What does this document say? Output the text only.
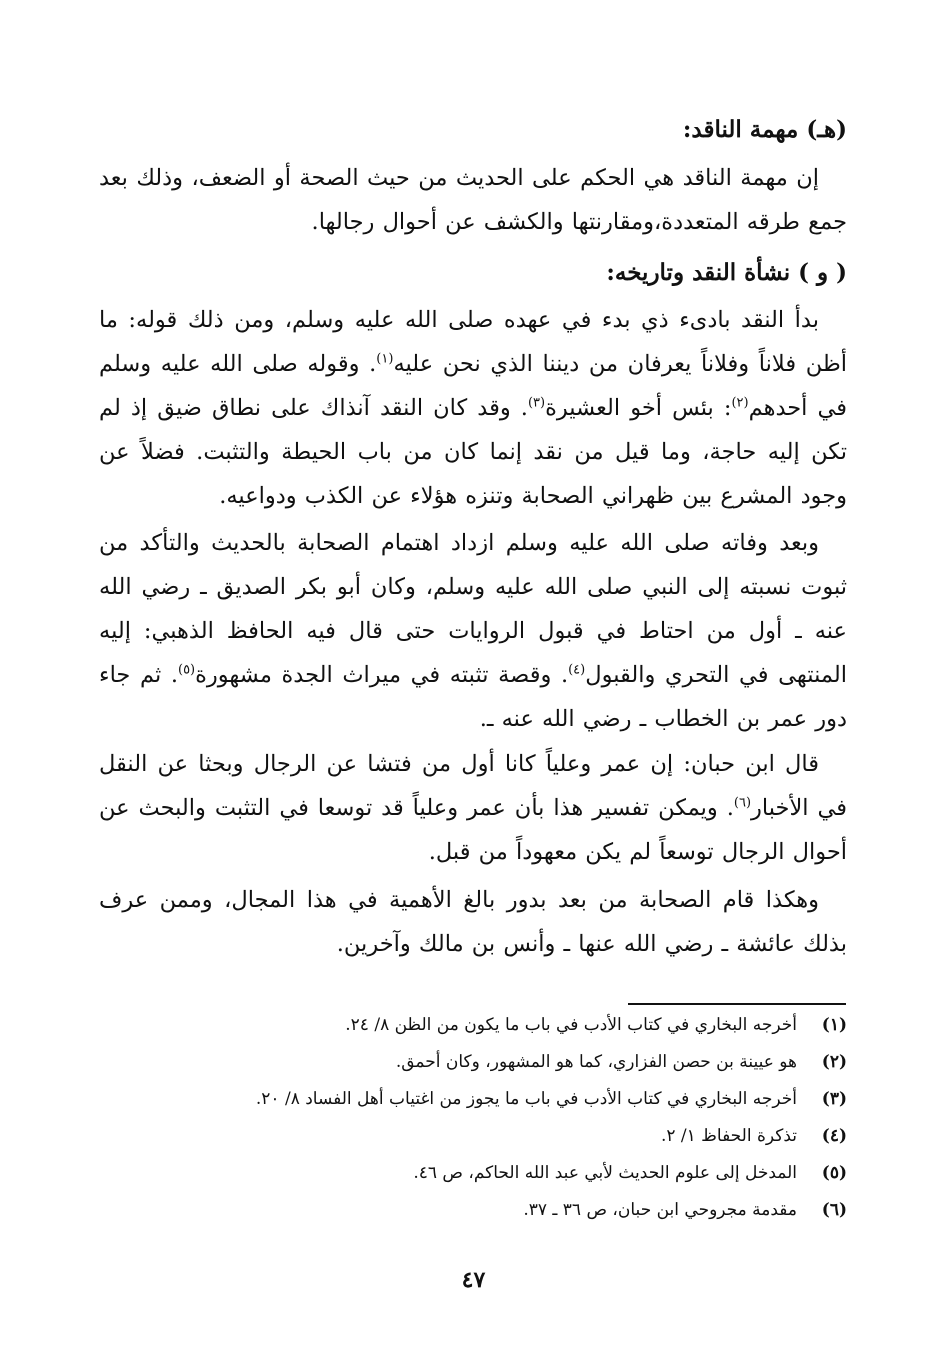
(هـ) مهمة الناقد:

إن مهمة الناقد هي الحكم على الحديث من حيث الصحة أو الضعف، وذلك بعد جمع طرقه المتعددة،ومقارنتها والكشف عن أحوال رجالها.

( و ) نشأة النقد وتاريخه:

بدأ النقد بادىء ذي بدء في عهده صلى الله عليه وسلم، ومن ذلك قوله: ما أظن فلاناً وفلاناً يعرفان من ديننا الذي نحن عليه$^{(١)}$. وقوله صلى الله عليه وسلم في أحدهم$^{(٢)}$: بئس أخو العشيرة$^{(٣)}$. وقد كان النقد آنذاك على نطاق ضيق إذ لم تكن إليه حاجة، وما قيل من نقد إنما كان من باب الحيطة والتثبت. فضلاً عن وجود المشرع بين ظهراني الصحابة وتنزه هؤلاء عن الكذب ودواعيه.

وبعد وفاته صلى الله عليه وسلم ازداد اهتمام الصحابة بالحديث والتأكد من ثبوت نسبته إلى النبي صلى الله عليه وسلم، وكان أبو بكر الصديق ـ رضي الله عنه ـ أول من احتاط في قبول الروايات حتى قال فيه الحافظ الذهبي: إليه المنتهى في التحري والقبول$^{(٤)}$. وقصة تثبته في ميراث الجدة مشهورة$^{(٥)}$. ثم جاء دور عمر بن الخطاب ـ رضي الله عنه ـ.

قال ابن حبان: إن عمر وعلياً كانا أول من فتشا عن الرجال وبحثا عن النقل في الأخبار$^{(٦)}$. ويمكن تفسير هذا بأن عمر وعلياً قد توسعا في التثبت والبحث عن أحوال الرجال توسعاً لم يكن معهوداً من قبل.

وهكذا قام الصحابة من بعد بدور بالغ الأهمية في هذا المجال، وممن عرف بذلك عائشة ـ رضي الله عنها ـ وأنس بن مالك وآخرين.

(١)
أخرجه البخاري في كتاب الأدب في باب ما يكون من الظن ٨/ ٢٤.
(٢)
هو عيينة بن حصن الفزاري، كما هو المشهور، وكان أحمق.
(٣)
أخرجه البخاري في كتاب الأدب في باب ما يجوز من اغتياب أهل الفساد ٨/ ٢٠.
(٤)
تذكرة الحفاظ ١/ ٢.
(٥)
المدخل إلى علوم الحديث لأبي عبد الله الحاكم، ص ٤٦.
(٦)
مقدمة مجروحي ابن حبان، ص ٣٦ ـ ٣٧.
٤٧
